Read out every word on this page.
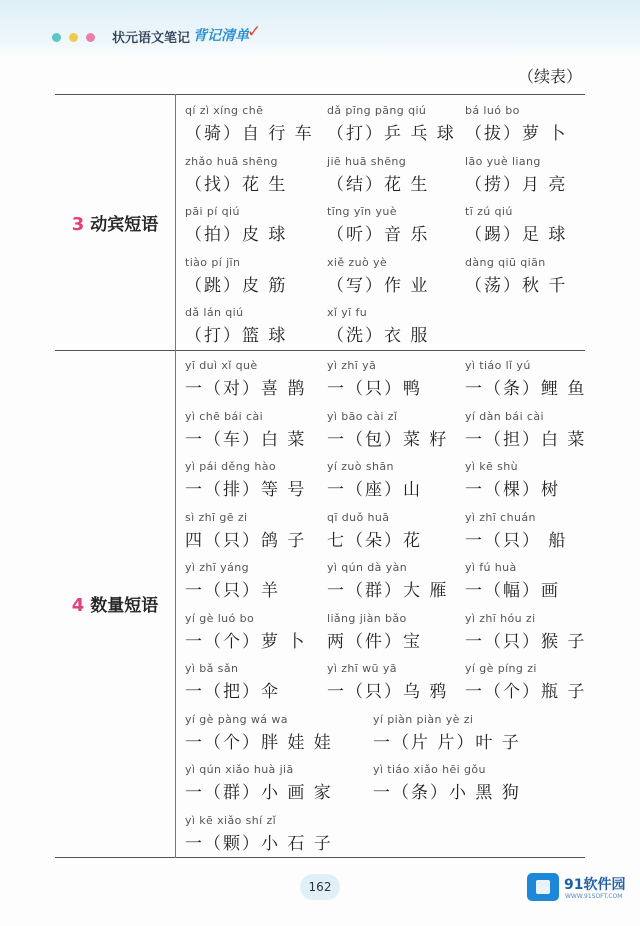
状元语文笔记 背记清单
✓
（续表）
3 动宾短语
4 数量短语
qí zì xíng chē
（骑）自 行 车
dǎ pīng pāng qiú
（打）乒 乓 球
bá luó bo
（拔）萝 卜
zhǎo huā shēng
（找）花 生
jiē huā shēng
（结）花 生
lāo yuè liang
（捞）月 亮
pāi pí qiú
（拍）皮 球
tīng yīn yuè
（听）音 乐
tī zú qiú
（踢）足 球
tiào pí jīn
（跳）皮 筋
xiě zuò yè
（写）作 业
dàng qiū qiān
（荡）秋 千
dǎ lán qiú
（打）篮 球
xǐ yī fu
（洗）衣 服
yī duì xǐ què
一（对）喜 鹊
yì zhī yā
一（只）鸭
yì tiáo lǐ yú
一（条）鲤 鱼
yì chē bái cài
一（车）白 菜
yì bāo cài zǐ
一（包）菜 籽
yí dàn bái cài
一（担）白 菜
yì pái děng hào
一（排）等 号
yí zuò shān
一（座）山
yì kē shù
一（棵）树
sì zhī gē zi
四（只）鸽 子
qī duǒ huā
七（朵）花
yì zhī chuán
一（只） 船
yì zhī yáng
一（只）羊
yì qún dà yàn
一（群）大 雁
yì fú huà
一（幅）画
yí gè luó bo
一（个）萝 卜
liǎng jiàn bǎo
两（件）宝
yì zhī hóu zi
一（只）猴 子
yì bǎ sǎn
一（把）伞
yì zhī wū yā
一（只）乌 鸦
yí gè píng zi
一（个）瓶 子
yí gè pàng wá wa
一（个）胖 娃 娃
yí piàn piàn yè zi
一（片 片）叶 子
yì qún xiǎo huà jiā
一（群）小 画 家
yì tiáo xiǎo hēi gǒu
一（条）小 黑 狗
yì kē xiǎo shí zǐ
一（颗）小 石 子
162	91软件园
WWW.91SOFT.COM
